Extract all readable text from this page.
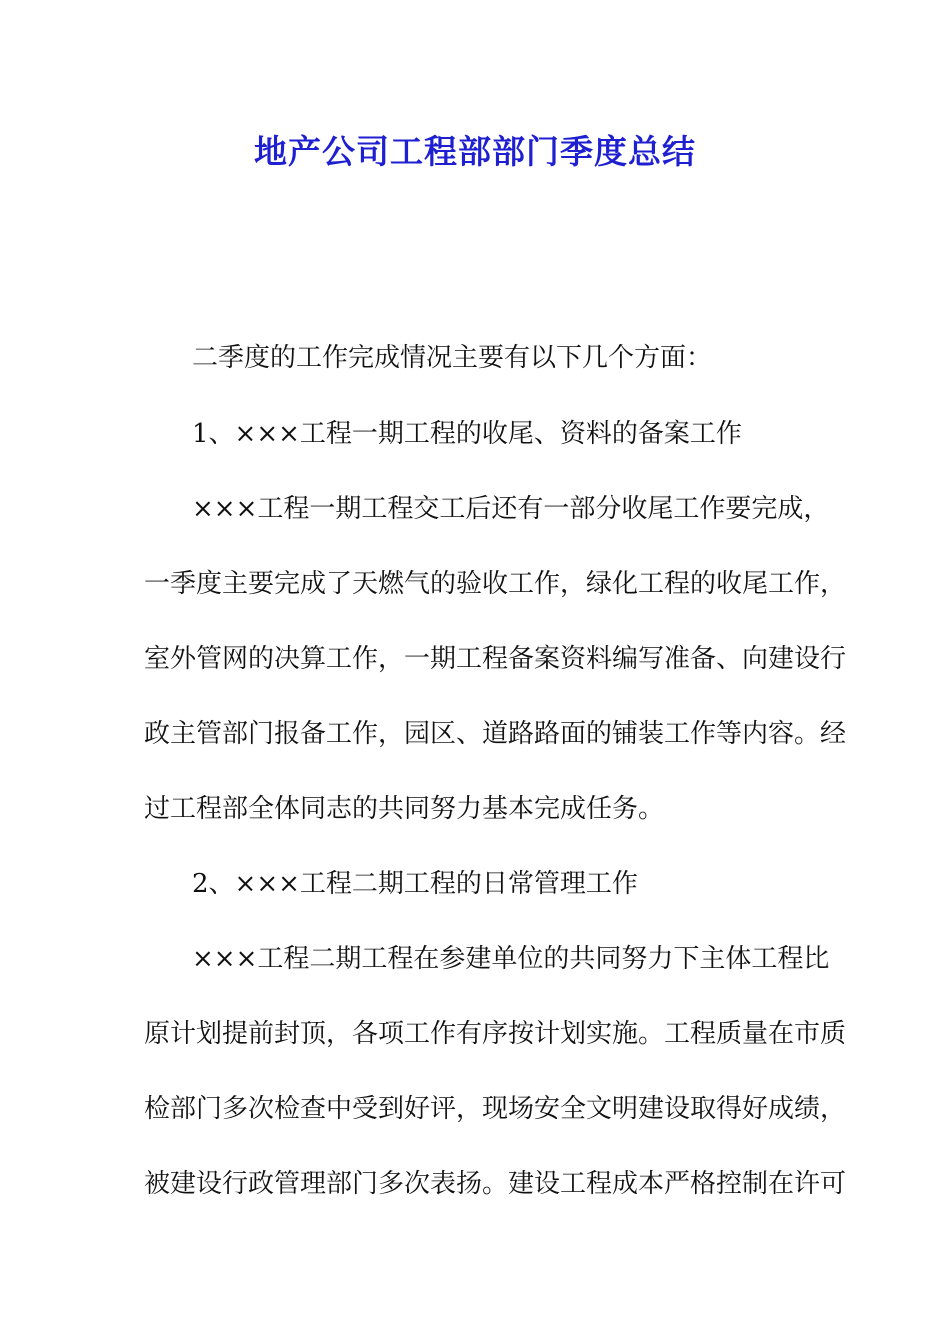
地产公司工程部部门季度总结
二季度的工作完成情况主要有以下几个方面：
1、×××工程一期工程的收尾、资料的备案工作
×××工程一期工程交工后还有一部分收尾工作要完成，
一季度主要完成了天燃气的验收工作，绿化工程的收尾工作，
室外管网的决算工作，一期工程备案资料编写准备、向建设行
政主管部门报备工作，园区、道路路面的铺装工作等内容。经
过工程部全体同志的共同努力基本完成任务。
2、×××工程二期工程的日常管理工作
×××工程二期工程在参建单位的共同努力下主体工程比
原计划提前封顶，各项工作有序按计划实施。工程质量在市质
检部门多次检查中受到好评，现场安全文明建设取得好成绩，
被建设行政管理部门多次表扬。建设工程成本严格控制在许可
